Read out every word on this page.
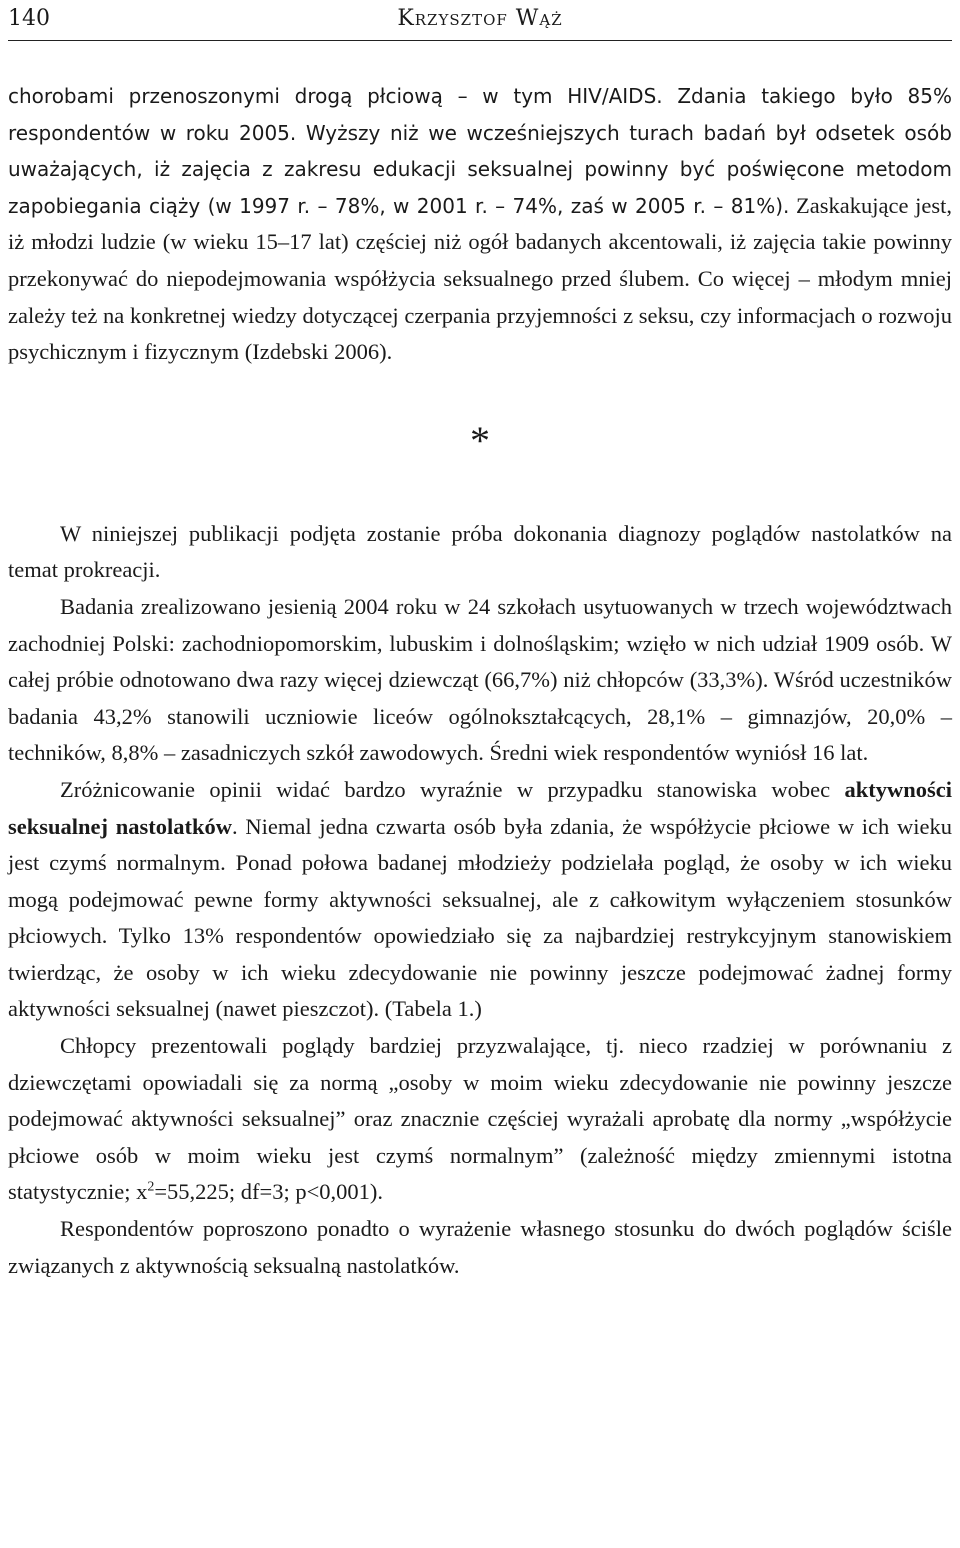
140	Krzysztof Wąż

chorobami przenoszonymi drogą płciową – w tym HIV/AIDS. Zdania takiego było 85% respondentów w roku 2005. Wyższy niż we wcześniejszych turach badań był odsetek osób uważających, iż zajęcia z zakresu edukacji seksualnej powinny być poświęcone metodom zapobiegania ciąży (w 1997 r. – 78%, w 2001 r. – 74%, zaś w 2005 r. – 81%). Zaskakujące jest, iż młodzi ludzie (w wieku 15–17 lat) częściej niż ogół badanych akcentowali, iż zajęcia takie powinny przekonywać do niepodejmowania współżycia seksualnego przed ślubem. Co więcej – młodym mniej zależy też na konkretnej wiedzy dotyczącej czerpania przyjemności z seksu, czy informacjach o rozwoju psychicznym i fizycznym (Izdebski 2006).

*

W niniejszej publikacji podjęta zostanie próba dokonania diagnozy poglądów nastolatków na temat prokreacji.

Badania zrealizowano jesienią 2004 roku w 24 szkołach usytuowanych w trzech województwach zachodniej Polski: zachodniopomorskim, lubuskim i dolnośląskim; wzięło w nich udział 1909 osób. W całej próbie odnotowano dwa razy więcej dziewcząt (66,7%) niż chłopców (33,3%). Wśród uczestników badania 43,2% stanowili uczniowie liceów ogólnokształcących, 28,1% – gimnazjów, 20,0% – techników, 8,8% – zasadniczych szkół zawodowych. Średni wiek respondentów wyniósł 16 lat.

Zróżnicowanie opinii widać bardzo wyraźnie w przypadku stanowiska wobec aktywności seksualnej nastolatków. Niemal jedna czwarta osób była zdania, że współżycie płciowe w ich wieku jest czymś normalnym. Ponad połowa badanej młodzieży podzielała pogląd, że osoby w ich wieku mogą podejmować pewne formy aktywności seksualnej, ale z całkowitym wyłączeniem stosunków płciowych. Tylko 13% respondentów opowiedziało się za najbardziej restrykcyjnym stanowiskiem twierdząc, że osoby w ich wieku zdecydowanie nie powinny jeszcze podejmować żadnej formy aktywności seksualnej (nawet pieszczot). (Tabela 1.)

Chłopcy prezentowali poglądy bardziej przyzwalające, tj. nieco rzadziej w porównaniu z dziewczętami opowiadali się za normą „osoby w moim wieku zdecydowanie nie powinny jeszcze podejmować aktywności seksualnej” oraz znacznie częściej wyrażali aprobatę dla normy „współżycie płciowe osób w moim wieku jest czymś normalnym” (zależność między zmiennymi istotna statystycznie; $x^2=55,225$; df=3; p<0,001).

Respondentów poproszono ponadto o wyrażenie własnego stosunku do dwóch poglądów ściśle związanych z aktywnością seksualną nastolatków.
